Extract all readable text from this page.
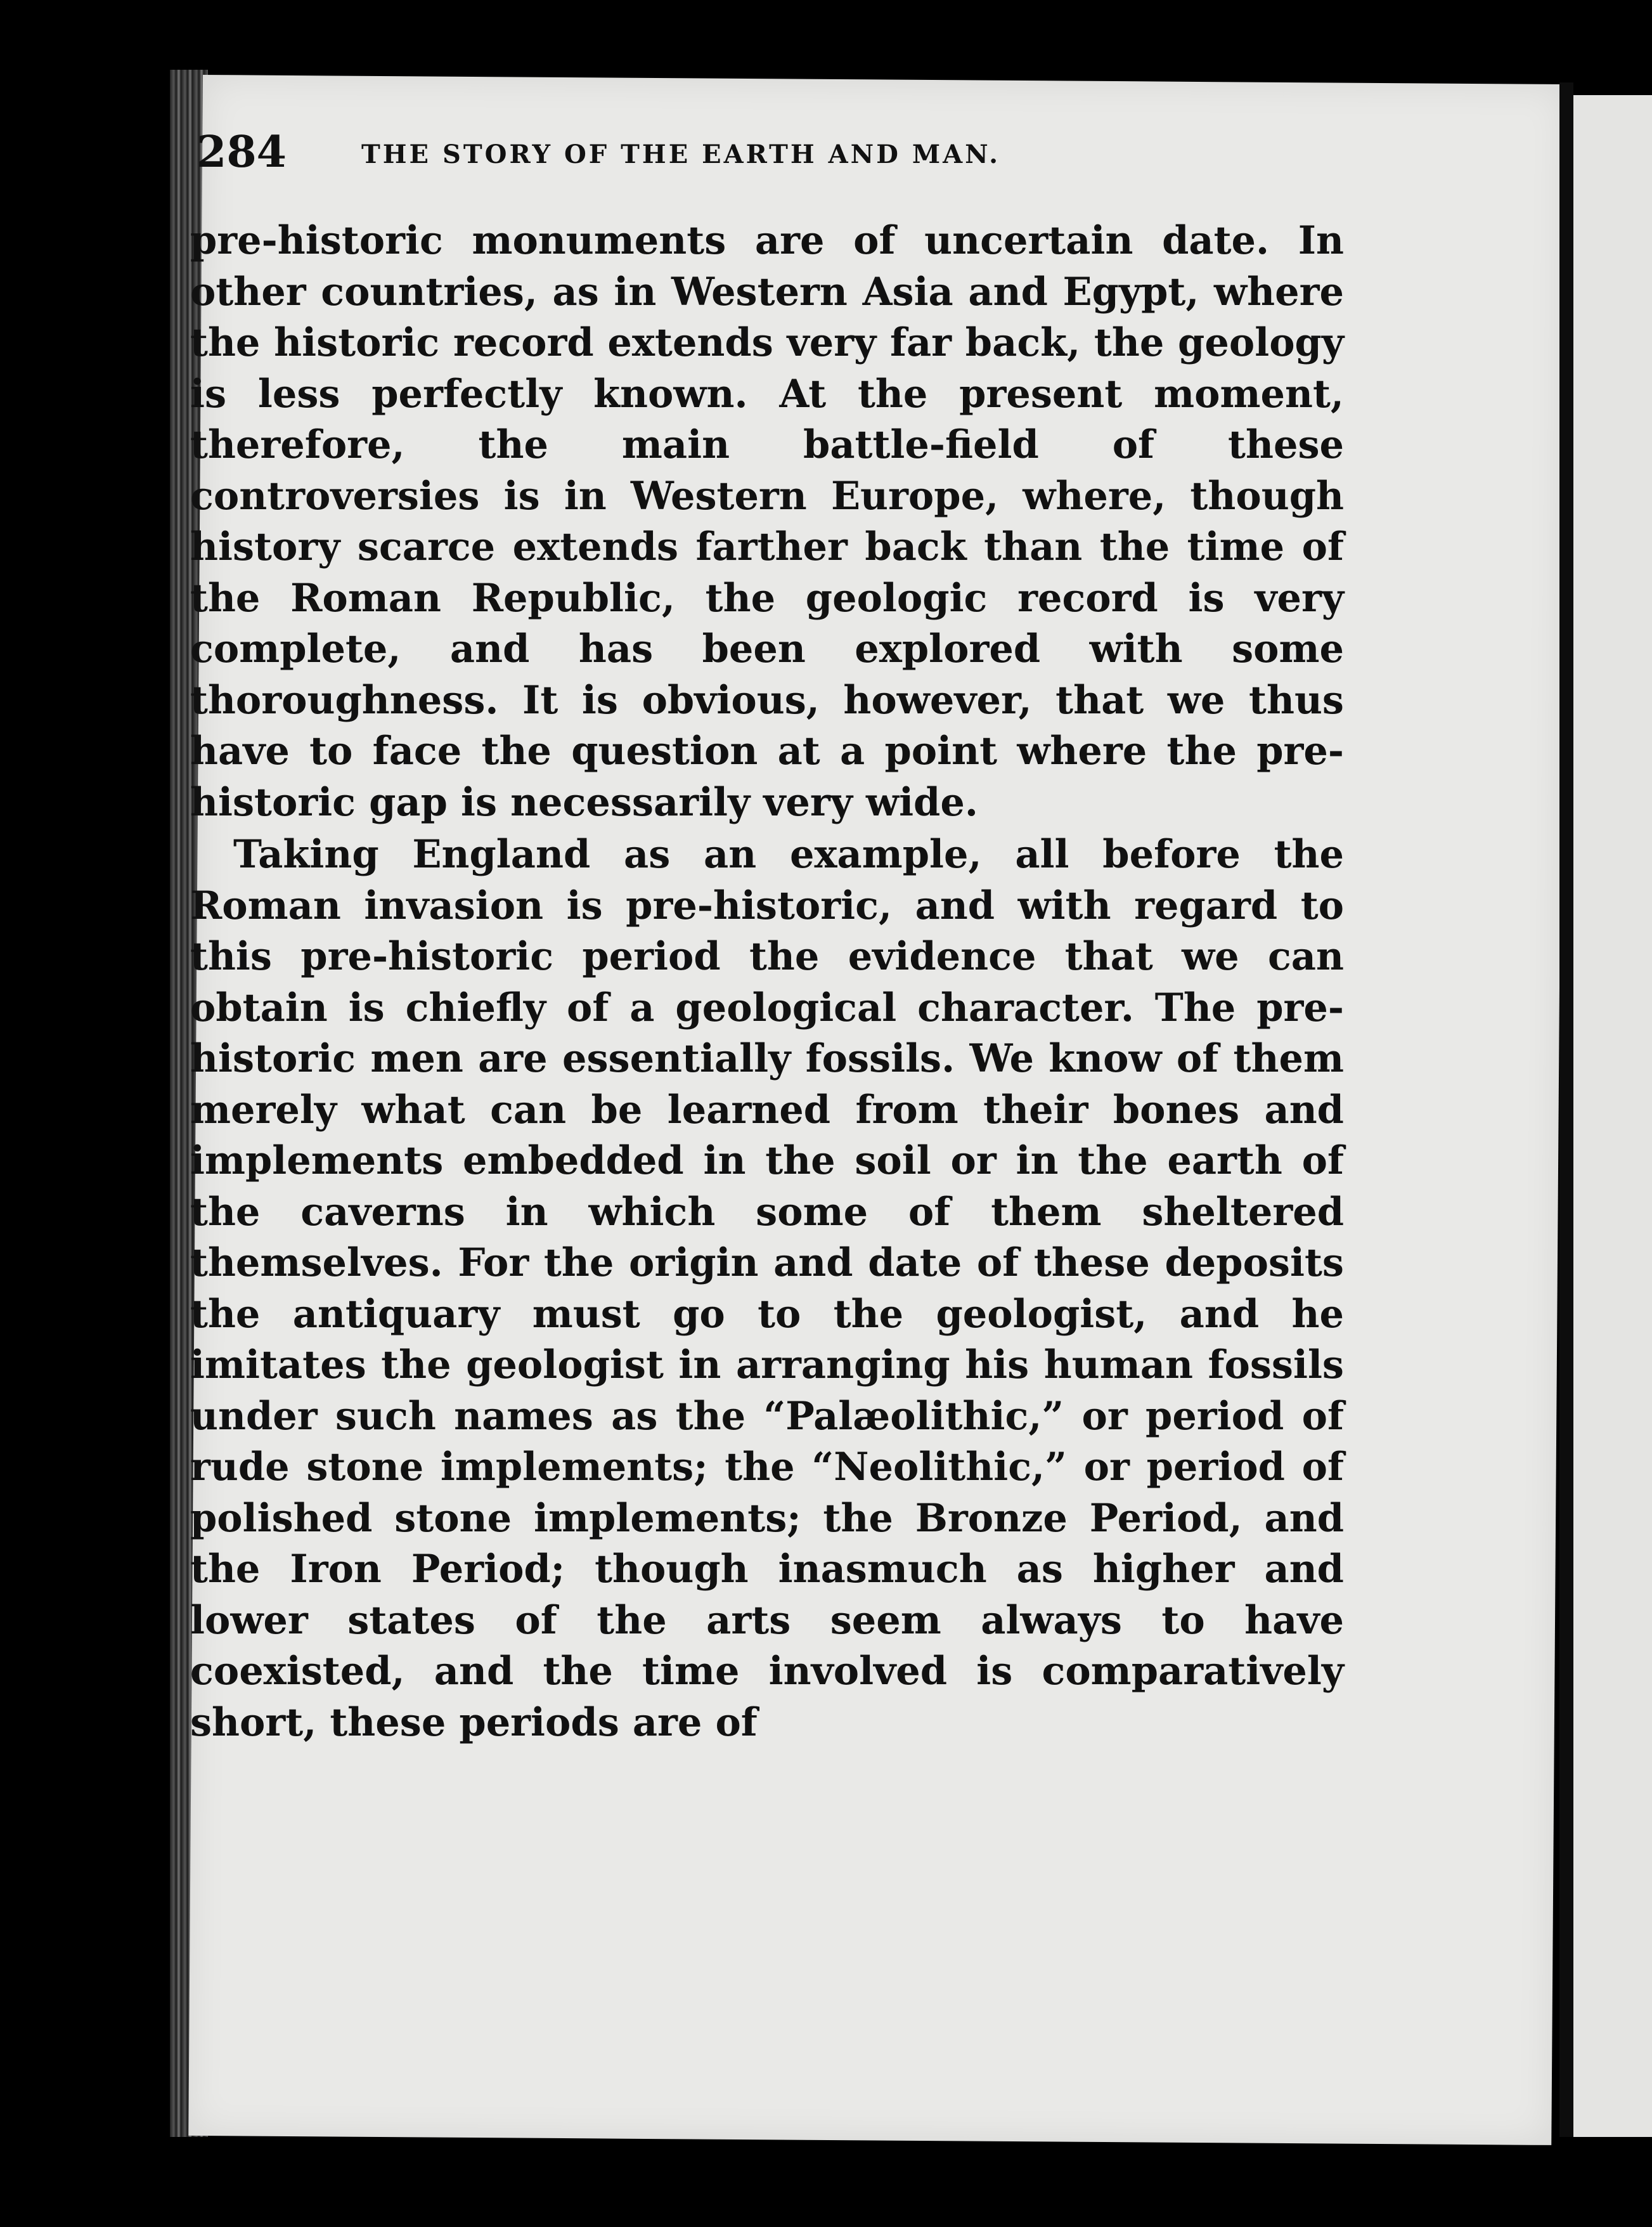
284	THE STORY OF THE EARTH AND MAN.

pre-historic monuments are of uncertain date. In other countries, as in Western Asia and Egypt, where the historic record extends very far back, the geology is less perfectly known. At the present moment, therefore, the main battle-field of these controversies is in Western Europe, where, though history scarce extends farther back than the time of the Roman Republic, the geologic record is very complete, and has been explored with some thoroughness. It is obvious, however, that we thus have to face the question at a point where the pre-historic gap is necessarily very wide.

Taking England as an example, all before the Roman invasion is pre-historic, and with regard to this pre-historic period the evidence that we can obtain is chiefly of a geological character. The pre-historic men are essentially fossils. We know of them merely what can be learned from their bones and implements embedded in the soil or in the earth of the caverns in which some of them sheltered themselves. For the origin and date of these deposits the antiquary must go to the geologist, and he imitates the geologist in arranging his human fossils under such names as the “Palæolithic,” or period of rude stone implements; the “Neolithic,” or period of polished stone implements; the Bronze Period, and the Iron Period; though inasmuch as higher and lower states of the arts seem always to have coexisted, and the time involved is comparatively short, these periods are of
